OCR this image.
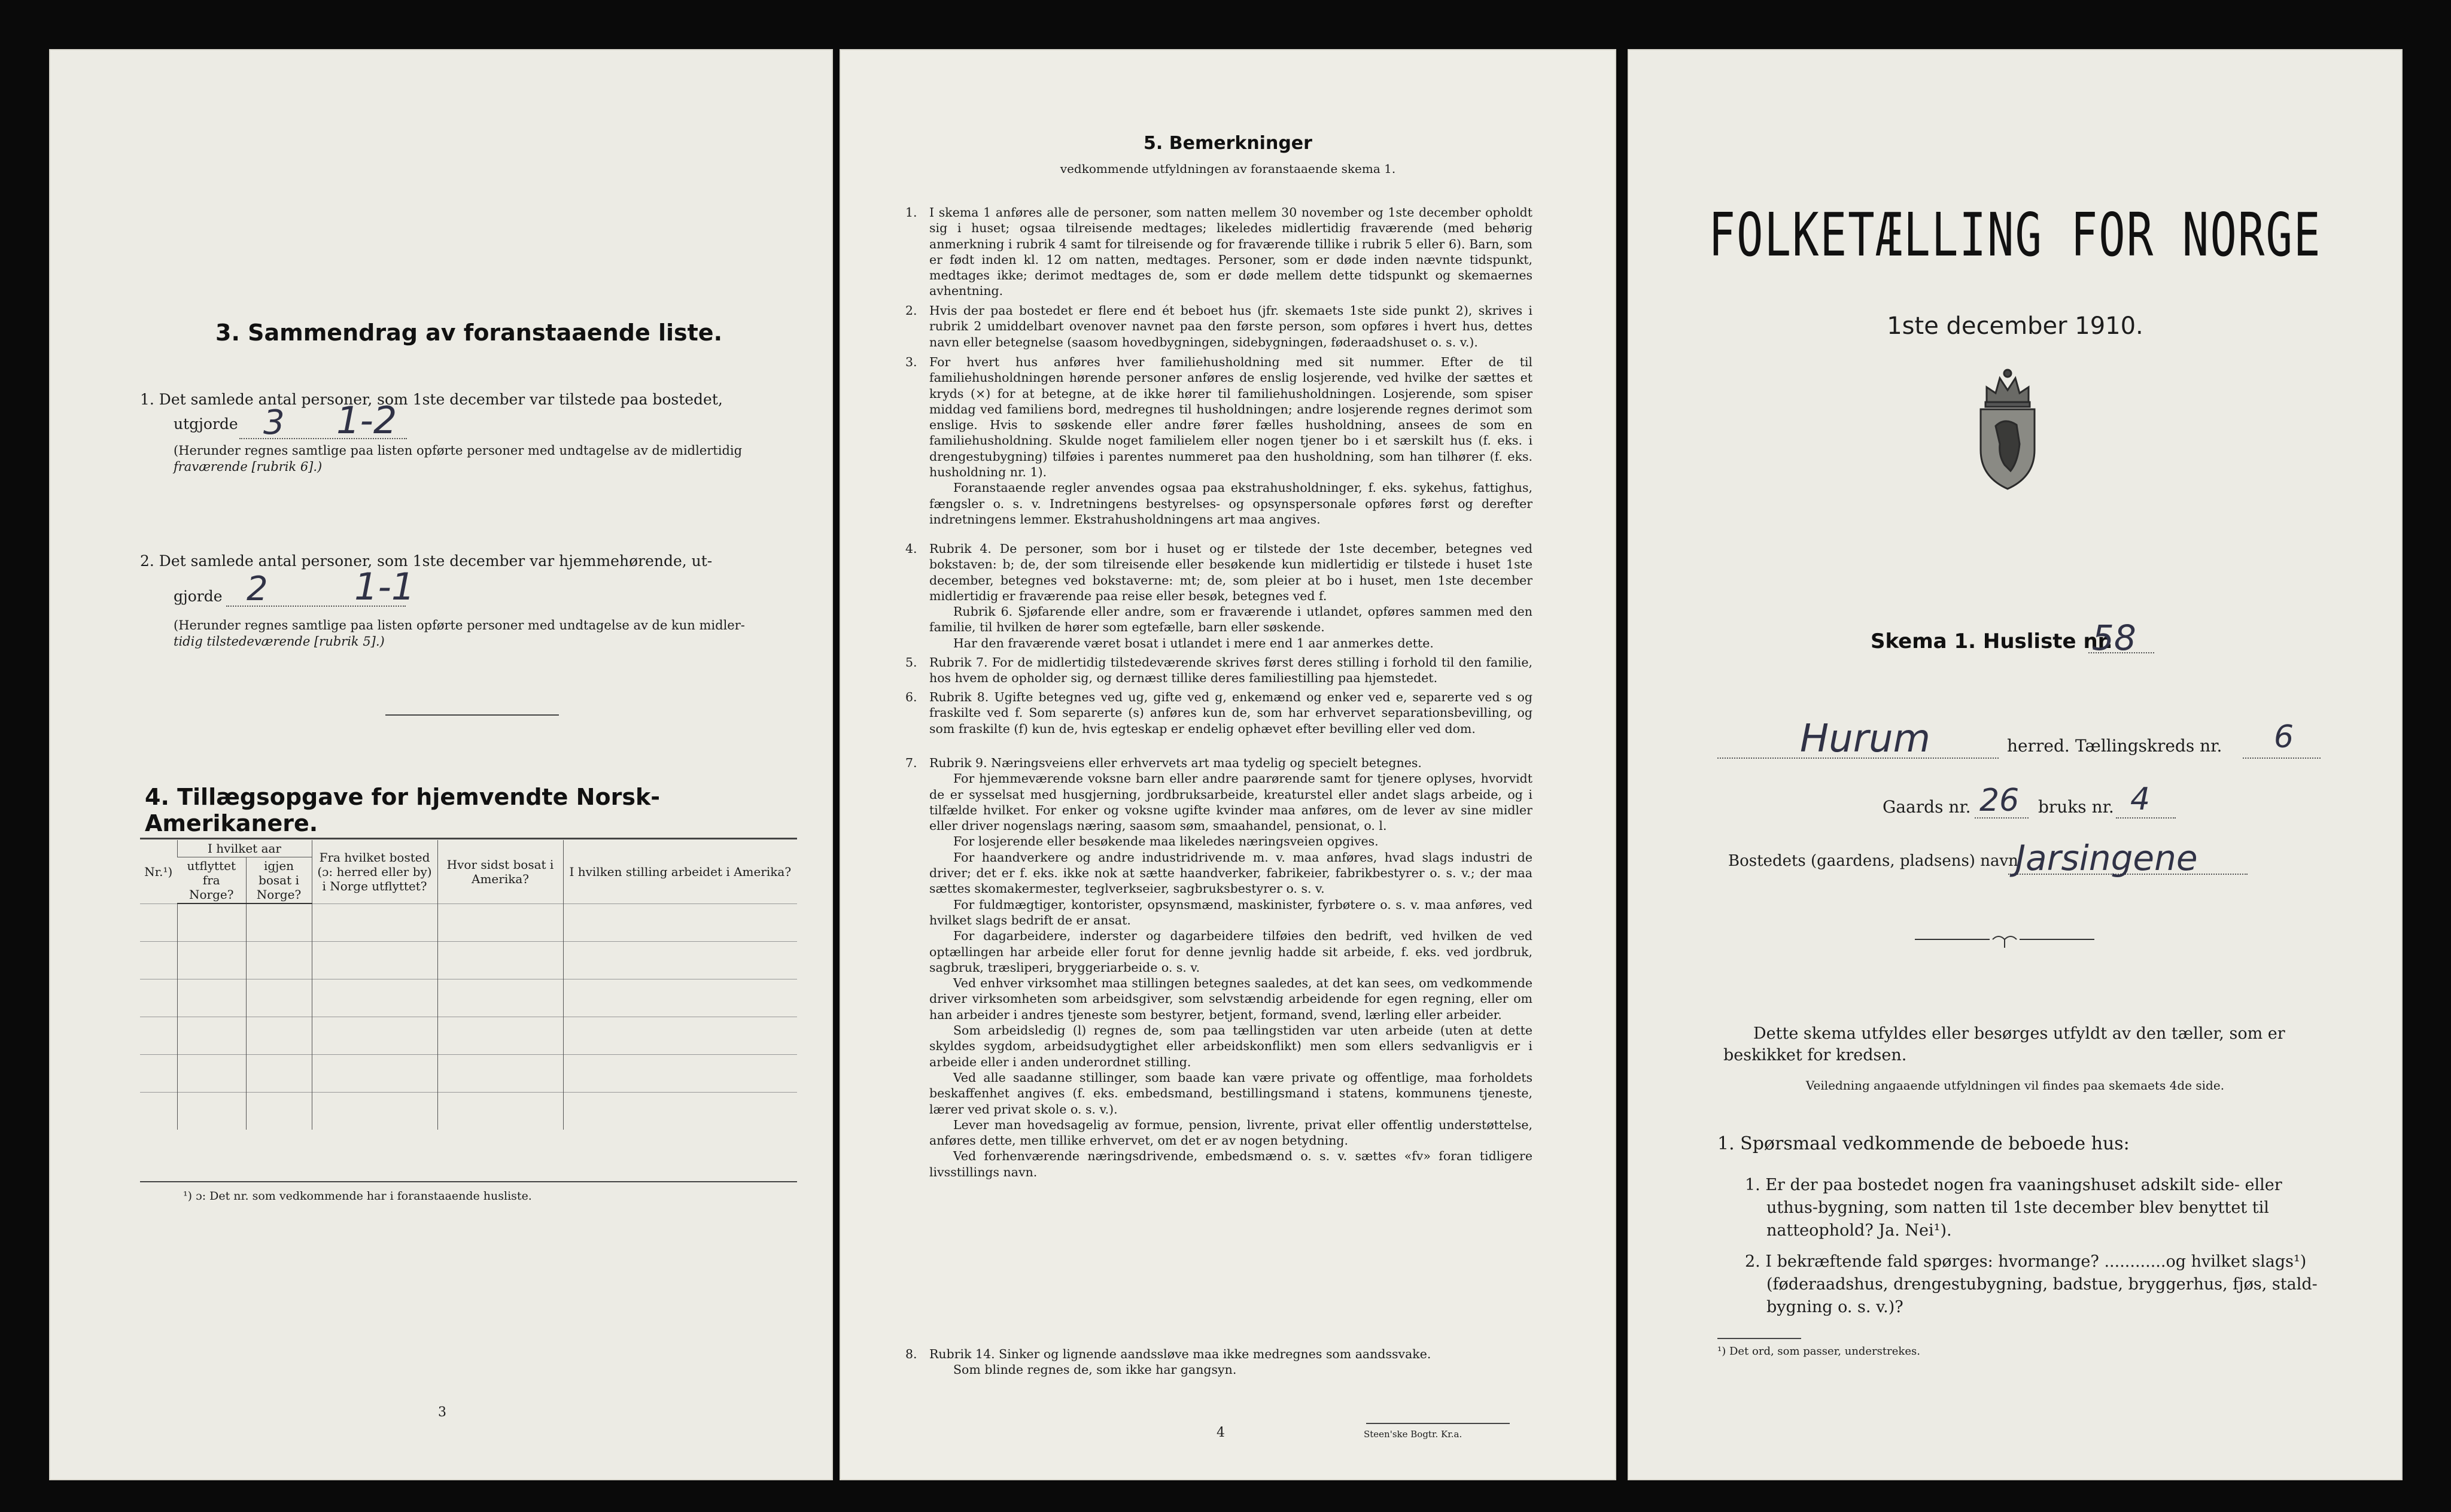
3. Sammendrag av foranstaaende liste.
1. Det samlede antal personer, som 1ste december var tilstede paa bostedet,
utgjorde 3 1-2
(Herunder regnes samtlige paa listen opførte personer med undtagelse av de midlertidig
fraværende [rubrik 6].)
2. Det samlede antal personer, som 1ste december var hjemmehørende, ut-
gjorde 2 1-1
(Herunder regnes samtlige paa listen opførte personer med undtagelse av de kun midler-
tidig tilstedeværende [rubrik 5].)
4. Tillægsopgave for hjemvendte Norsk-Amerikanere.
Nr.¹)	I hvilket aar		Fra hvilket bosted (ɔ: herred eller by) i Norge utflyttet?	Hvor sidst bosat i Amerika?	I hvilken stilling arbeidet i Amerika?
	utflyttet fra Norge?	igjen bosat i Norge?			

¹) ɔ: Det nr. som vedkommende har i foranstaaende husliste.
3
5. Bemerkninger
vedkommende utfyldningen av foranstaaende skema 1.
1. I skema 1 anføres alle de personer, som natten mellem 30 november og 1ste december opholdt sig i huset; ogsaa tilreisende medtages; likeledes midlertidig fraværende (med behørig anmerkning i rubrik 4 samt for tilreisende og for fraværende tillike i rubrik 5 eller 6). Barn, som er født inden kl. 12 om natten, medtages. Personer, som er døde inden nævnte tidspunkt, medtages ikke; derimot medtages de, som er døde mellem dette tidspunkt og skemaernes avhentning.

2. Hvis der paa bostedet er flere end ét beboet hus (jfr. skemaets 1ste side punkt 2), skrives i rubrik 2 umiddelbart ovenover navnet paa den første person, som opføres i hvert hus, dettes navn eller betegnelse (saasom hovedbygningen, sidebygningen, føderaadshuset o. s. v.).

3. For hvert hus anføres hver familiehusholdning med sit nummer. Efter de til familiehusholdningen hørende personer anføres de enslig losjerende, ved hvilke der sættes et kryds (×) for at betegne, at de ikke hører til familiehusholdningen. Losjerende, som spiser middag ved familiens bord, medregnes til husholdningen; andre losjerende regnes derimot som enslige. Hvis to søskende eller andre fører fælles husholdning, ansees de som en familiehusholdning. Skulde noget familielem eller nogen tjener bo i et særskilt hus (f. eks. i drengestubygning) tilføies i parentes nummeret paa den husholdning, som han tilhører (f. eks. husholdning nr. 1).

Foranstaaende regler anvendes ogsaa paa ekstrahusholdninger, f. eks. sykehus, fattighus, fængsler o. s. v. Indretningens bestyrelses- og opsynspersonale opføres først og derefter indretningens lemmer. Ekstrahusholdningens art maa angives.

4. Rubrik 4. De personer, som bor i huset og er tilstede der 1ste december, betegnes ved bokstaven: b; de, der som tilreisende eller besøkende kun midlertidig er tilstede i huset 1ste december, betegnes ved bokstaverne: mt; de, som pleier at bo i huset, men 1ste december midlertidig er fraværende paa reise eller besøk, betegnes ved f.

Rubrik 6. Sjøfarende eller andre, som er fraværende i utlandet, opføres sammen med den familie, til hvilken de hører som egtefælle, barn eller søskende.

Har den fraværende været bosat i utlandet i mere end 1 aar anmerkes dette.

5. Rubrik 7. For de midlertidig tilstedeværende skrives først deres stilling i forhold til den familie, hos hvem de opholder sig, og dernæst tillike deres familiestilling paa hjemstedet.

6. Rubrik 8. Ugifte betegnes ved ug, gifte ved g, enkemænd og enker ved e, separerte ved s og fraskilte ved f. Som separerte (s) anføres kun de, som har erhvervet separationsbevilling, og som fraskilte (f) kun de, hvis egteskap er endelig ophævet efter bevilling eller ved dom.

7. Rubrik 9. Næringsveiens eller erhvervets art maa tydelig og specielt betegnes.

For hjemmeværende voksne barn eller andre paarørende samt for tjenere oplyses, hvorvidt de er sysselsat med husgjerning, jordbruksarbeide, kreaturstel eller andet slags arbeide, og i tilfælde hvilket. For enker og voksne ugifte kvinder maa anføres, om de lever av sine midler eller driver nogenslags næring, saasom søm, smaahandel, pensionat, o. l.

For losjerende eller besøkende maa likeledes næringsveien opgives.

For haandverkere og andre industridrivende m. v. maa anføres, hvad slags industri de driver; det er f. eks. ikke nok at sætte haandverker, fabrikeier, fabrikbestyrer o. s. v.; der maa sættes skomakermester, teglverkseier, sagbruksbestyrer o. s. v.

For fuldmægtiger, kontorister, opsynsmænd, maskinister, fyrbøtere o. s. v. maa anføres, ved hvilket slags bedrift de er ansat.

For dagarbeidere, inderster og dagarbeidere tilføies den bedrift, ved hvilken de ved optællingen har arbeide eller forut for denne jevnlig hadde sit arbeide, f. eks. ved jordbruk, sagbruk, træsliperi, bryggeriarbeide o. s. v.

Ved enhver virksomhet maa stillingen betegnes saaledes, at det kan sees, om vedkommende driver virksomheten som arbeidsgiver, som selvstændig arbeidende for egen regning, eller om han arbeider i andres tjeneste som bestyrer, betjent, formand, svend, lærling eller arbeider.

Som arbeidsledig (l) regnes de, som paa tællingstiden var uten arbeide (uten at dette skyldes sygdom, arbeidsudygtighet eller arbeidskonflikt) men som ellers sedvanligvis er i arbeide eller i anden underordnet stilling.

Ved alle saadanne stillinger, som baade kan være private og offentlige, maa forholdets beskaffenhet angives (f. eks. embedsmand, bestillingsmand i statens, kommunens tjeneste, lærer ved privat skole o. s. v.).

Lever man hovedsagelig av formue, pension, livrente, privat eller offentlig understøttelse, anføres dette, men tillike erhvervet, om det er av nogen betydning.

Ved forhenværende næringsdrivende, embedsmænd o. s. v. sættes «fv» foran tidligere livsstillings navn.

8. Rubrik 14. Sinker og lignende aandssløve maa ikke medregnes som aandssvake.

Som blinde regnes de, som ikke har gangsyn.

4	Steen'ske Bogtr. Kr.a.
FOLKETÆLLING FOR NORGE
1ste december 1910.
Skema 1. Husliste nr.
58
Hurum	herred. Tællingskreds nr. 6
Gaards nr. 26 bruks nr. 4
Bostedets (gaardens, pladsens) navn
Jarsingene
Dette skema utfyldes eller besørges utfyldt av den tæller, som er
beskikket for kredsen.
Veiledning angaaende utfyldningen vil findes paa skemaets 4de side.
1. Spørsmaal vedkommende de beboede hus:
1. Er der paa bostedet nogen fra vaaningshuset adskilt side- eller
uthus-bygning, som natten til 1ste december blev benyttet til
natteophold? Ja. Nei¹).
2. I bekræftende fald spørges: hvormange? ............og hvilket slags¹)
(føderaadshus, drengestubygning, badstue, bryggerhus, fjøs, stald-
bygning o. s. v.)?
¹) Det ord, som passer, understrekes.
